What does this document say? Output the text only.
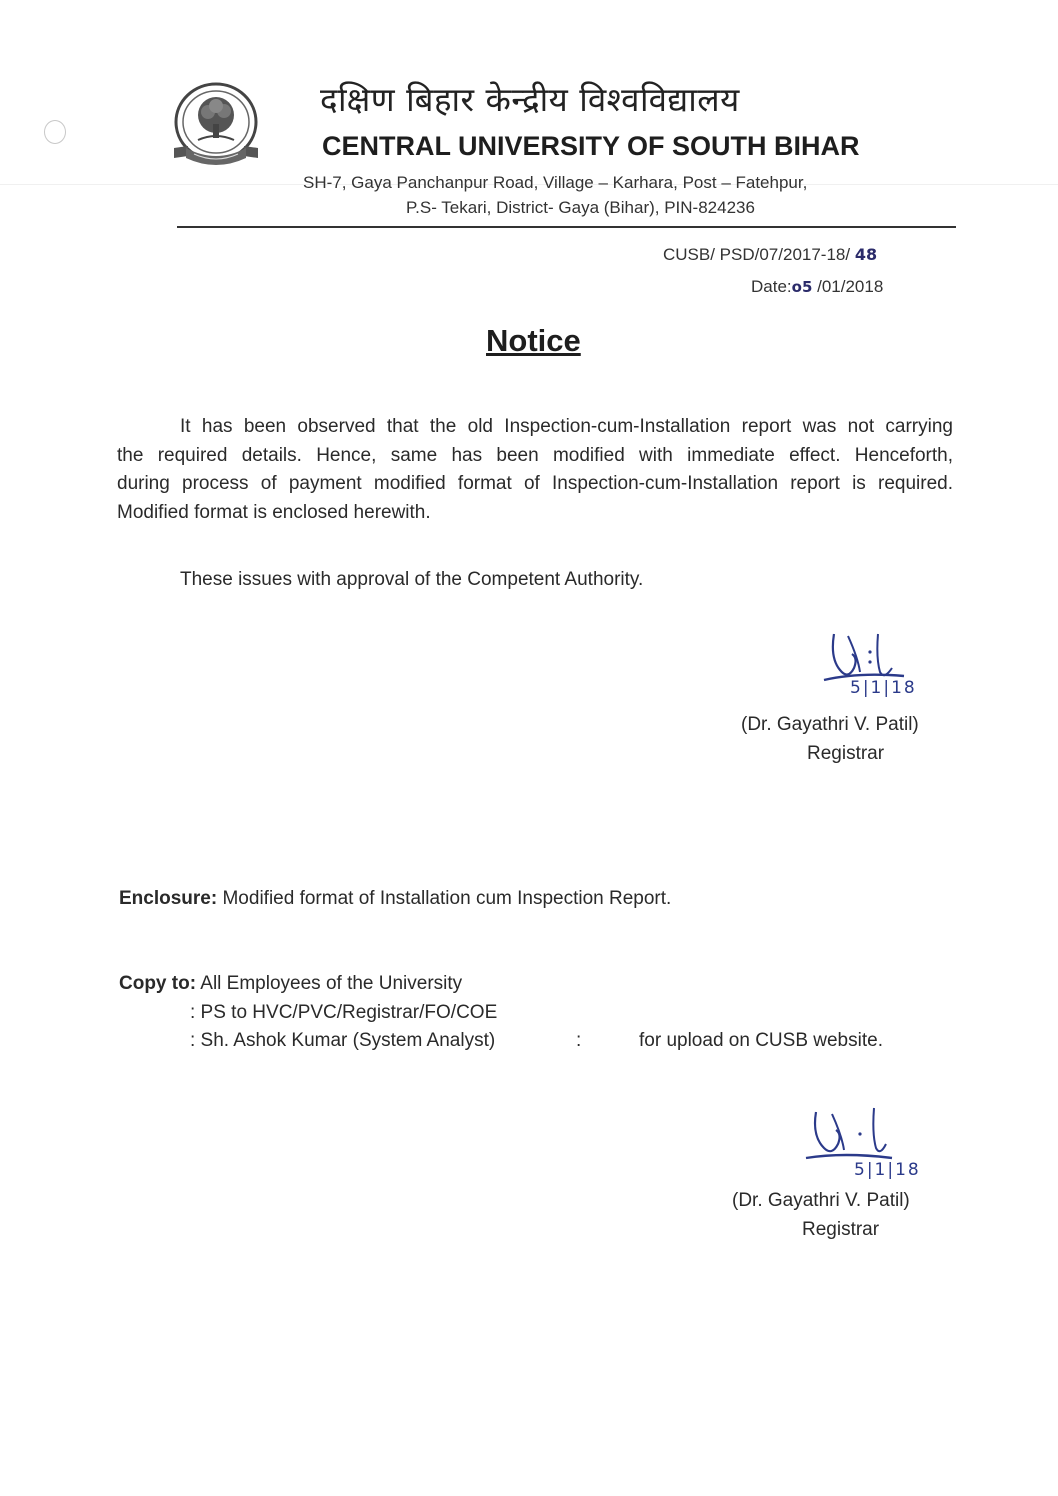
दक्षिण बिहार केन्द्रीय विश्वविद्यालय
CENTRAL UNIVERSITY OF SOUTH BIHAR
SH-7, Gaya Panchanpur Road, Village – Karhara, Post – Fatehpur,
P.S- Tekari, District- Gaya (Bihar), PIN-824236
CUSB/ PSD/07/2017-18/ 48
Date:o5 /01/2018
Notice
It has been observed that the old Inspection-cum-Installation report was not carrying
the required details. Hence, same has been modified with immediate effect. Henceforth,
during process of payment modified format of Inspection-cum-Installation report is required.
Modified format is enclosed herewith.
These issues with approval of the Competent Authority.
5|1|18
(Dr. Gayathri V. Patil)
Registrar
Enclosure: Modified format of Installation cum Inspection Report.
Copy to: All Employees of the University
: PS to HVC/PVC/Registrar/FO/COE
: Sh. Ashok Kumar (System Analyst)	:	for upload on CUSB website.
5|1|18
(Dr. Gayathri V. Patil)
Registrar
